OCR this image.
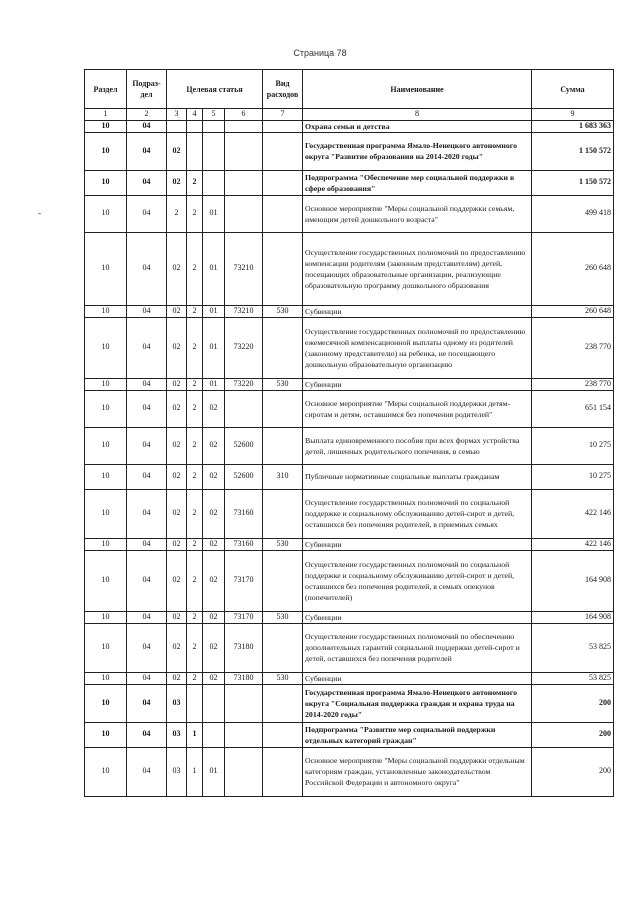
Страница 78
-
Раздел	Подраз-дел	Целевая статья				Вид расходов	Наименование	Сумма
1	2	3	4	5	6	7	8	9
10	04						Охрана семьи и детства	1 683 363
10	04	02					Государственная программа Ямало-Ненецкого автономного округа "Развитие образования на 2014-2020 годы"	1 150 572
10	04	02	2				Подпрограмма "Обеспечение мер социальной поддержки в сфере образования"	1 150 572
10	04	2	2	01			Основное мероприятие "Меры социальной поддержки семьям, имеющим детей дошкольного возраста"	499 418
10	04	02	2	01	73210		Осуществление государственных полномочий по предоставлению компенсации родителям (законным представителям) детей, посещающих образовательные организации, реализующие образовательную программу дошкольного образования	260 648
10	04	02	2	01	73210	530	Субвенции	260 648
10	04	02	2	01	73220		Осуществление государственных полномочий по предоставлению ежемесячной компенсационной выплаты одному из родителей (законному представителю) на ребенка, не посещающего дошкольную образовательную организацию	238 770
10	04	02	2	01	73220	530	Субвенции	238 770
10	04	02	2	02			Основное мероприятие "Меры социальной поддержки детям-сиротам и детям, оставшимся без попечения родителей"	651 154
10	04	02	2	02	52600		Выплата единовременного пособия при всех формах устройства детей, лишенных родительского попечения, в семью	10 275
10	04	02	2	02	52600	310	Публичные нормативные социальные выплаты гражданам	10 275
10	04	02	2	02	73160		Осуществление государственных полномочий по социальной поддержке и социальному обслуживанию детей-сирот и детей, оставшихся без попечения родителей, в приемных семьях	422 146
10	04	02	2	02	73160	530	Субвенции	422 146
10	04	02	2	02	73170		Осуществление государственных полномочий по социальной поддержке и социальному обслуживанию детей-сирот и детей, оставшихся без попечения родителей, в семьях опекунов (попечителей)	164 908
10	04	02	2	02	73170	530	Субвенции	164 908
10	04	02	2	02	73180		Осуществление государственных полномочий по обеспечению дополнительных гарантий социальной поддержки детей-сирот и детей, оставшихся без попечения родителей	53 825
10	04	02	2	02	73180	530	Субвенции	53 825
10	04	03					Государственная программа Ямало-Ненецкого автономного округа "Социальная поддержка граждан и охрана труда на 2014-2020 годы"	200
10	04	03	1				Подпрограмма "Развитие мер социальной поддержки отдельных категорий граждан"	200
10	04	03	1	01			Основное мероприятие "Меры социальной поддержки отдельным категориям граждан, установленные законодательством Российской Федерации и автономного округа"	200
